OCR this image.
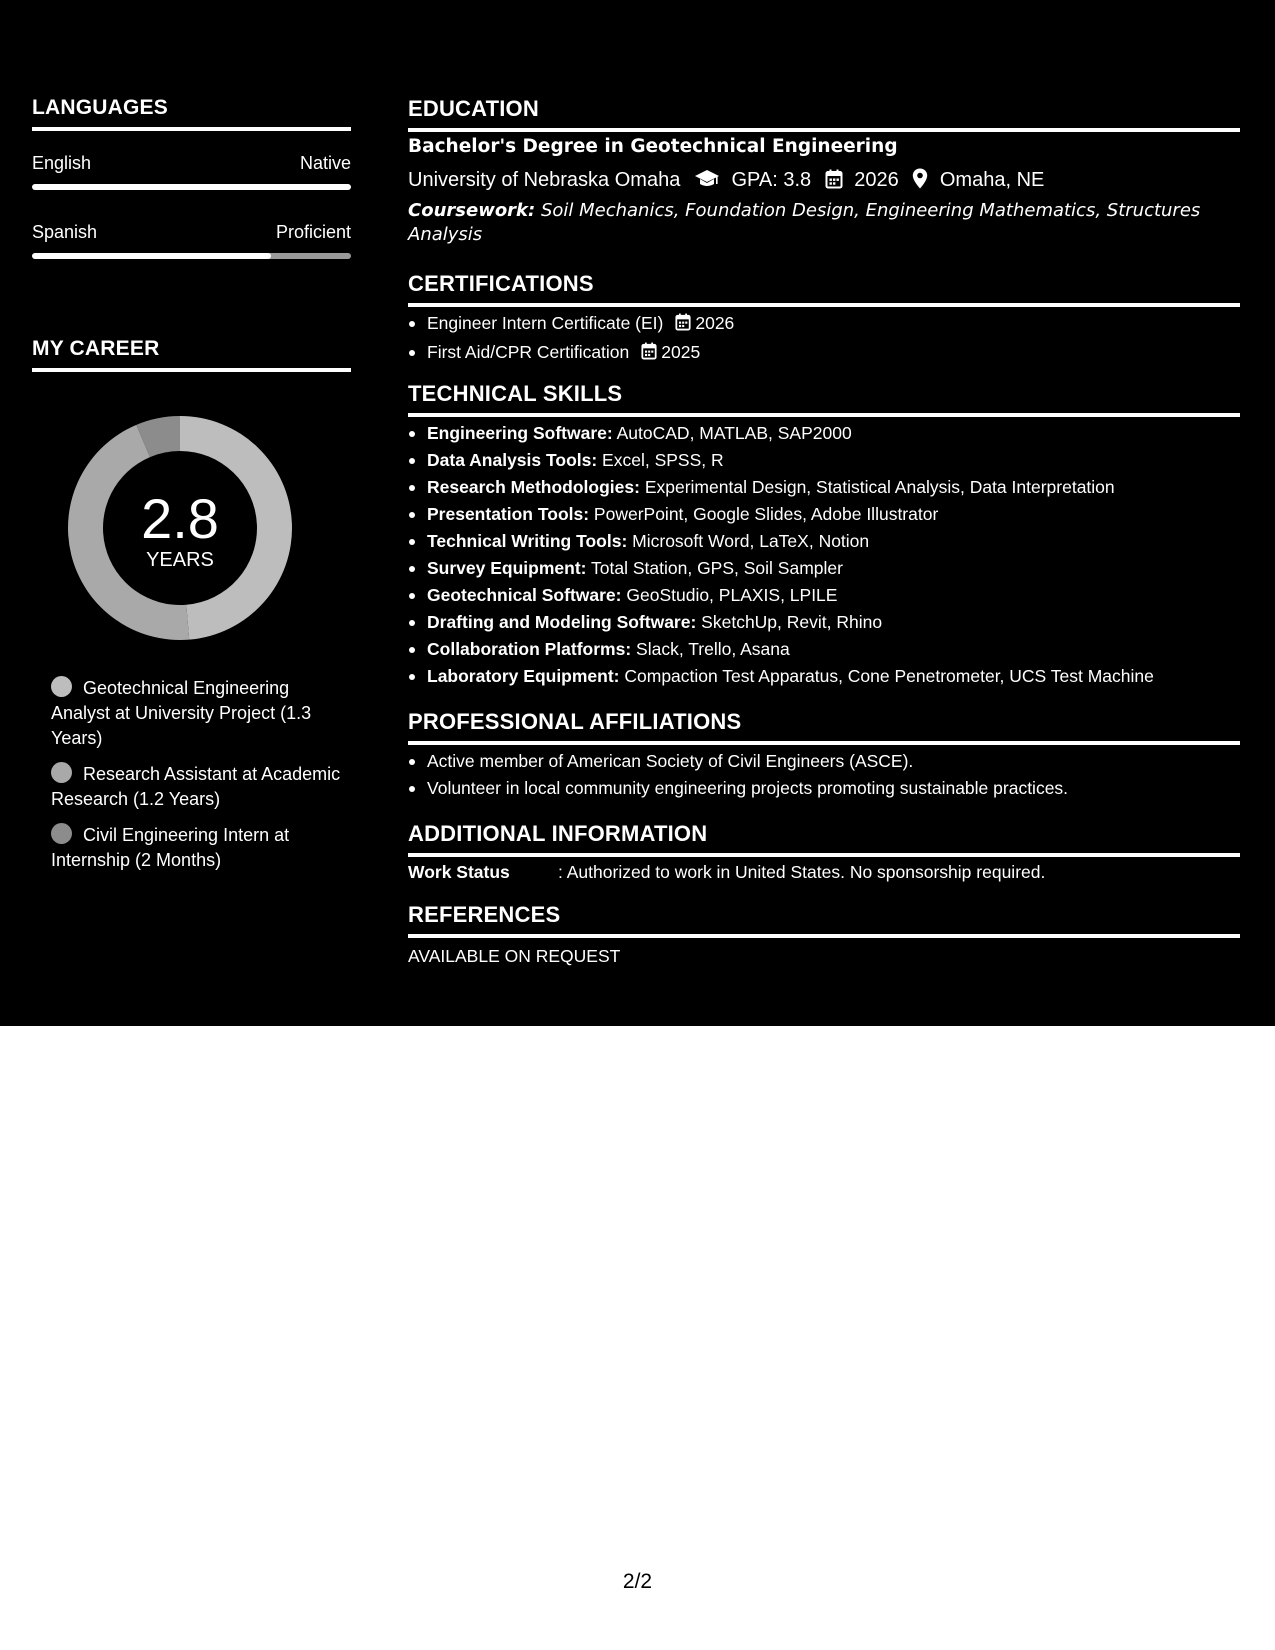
LANGUAGES
English	Native
Spanish	Proficient
MY CAREER
2.8
YEARS
Geotechnical Engineering Analyst at University Project (1.3 Years)
Research Assistant at Academic Research (1.2 Years)
Civil Engineering Intern at Internship (2 Months)
EDUCATION
Bachelor's Degree in Geotechnical Engineering
University of Nebraska Omaha	GPA: 3.8 2026 Omaha, NE
Coursework: Soil Mechanics, Foundation Design, Engineering Mathematics, Structures Analysis
CERTIFICATIONS
Engineer Intern Certificate (EI) 2026
First Aid/CPR Certification 2025
TECHNICAL SKILLS
Engineering Software: AutoCAD, MATLAB, SAP2000
Data Analysis Tools: Excel, SPSS, R
Research Methodologies: Experimental Design, Statistical Analysis, Data Interpretation
Presentation Tools: PowerPoint, Google Slides, Adobe Illustrator
Technical Writing Tools: Microsoft Word, LaTeX, Notion
Survey Equipment: Total Station, GPS, Soil Sampler
Geotechnical Software: GeoStudio, PLAXIS, LPILE
Drafting and Modeling Software: SketchUp, Revit, Rhino
Collaboration Platforms: Slack, Trello, Asana
Laboratory Equipment: Compaction Test Apparatus, Cone Penetrometer, UCS Test Machine
PROFESSIONAL AFFILIATIONS
Active member of American Society of Civil Engineers (ASCE).
Volunteer in local community engineering projects promoting sustainable practices.
ADDITIONAL INFORMATION
Work Status	: Authorized to work in United States. No sponsorship required.
REFERENCES
AVAILABLE ON REQUEST
2/2
